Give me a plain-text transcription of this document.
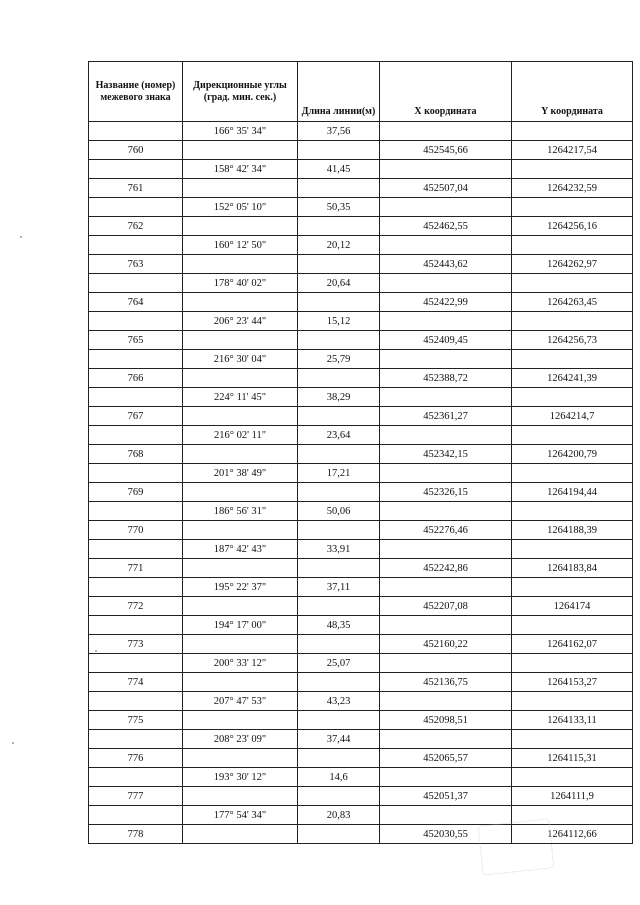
Название (номер) межевого знака	Дирекционные углы (град. мин. сек.)	Длина линии(м)	X координата	Y координата
	166° 35' 34"	37,56		
760			452545,66	1264217,54
	158° 42' 34"	41,45		
761			452507,04	1264232,59
	152° 05' 10"	50,35		
762			452462,55	1264256,16
	160° 12' 50"	20,12		
763			452443,62	1264262,97
	178° 40' 02"	20,64		
764			452422,99	1264263,45
	206° 23' 44"	15,12		
765			452409,45	1264256,73
	216° 30' 04"	25,79		
766			452388,72	1264241,39
	224° 11' 45"	38,29		
767			452361,27	1264214,7
	216° 02' 11"	23,64		
768			452342,15	1264200,79
	201° 38' 49"	17,21		
769			452326,15	1264194,44
	186° 56' 31"	50,06		
770			452276,46	1264188,39
	187° 42' 43"	33,91		
771			452242,86	1264183,84
	195° 22' 37"	37,11		
772			452207,08	1264174
	194° 17' 00"	48,35		
773			452160,22	1264162,07
	200° 33' 12"	25,07		
774			452136,75	1264153,27
	207° 47' 53"	43,23		
775			452098,51	1264133,11
	208° 23' 09"	37,44		
776			452065,57	1264115,31
	193° 30' 12"	14,6		
777			452051,37	1264111,9
	177° 54' 34"	20,83		
778			452030,55	1264112,66
